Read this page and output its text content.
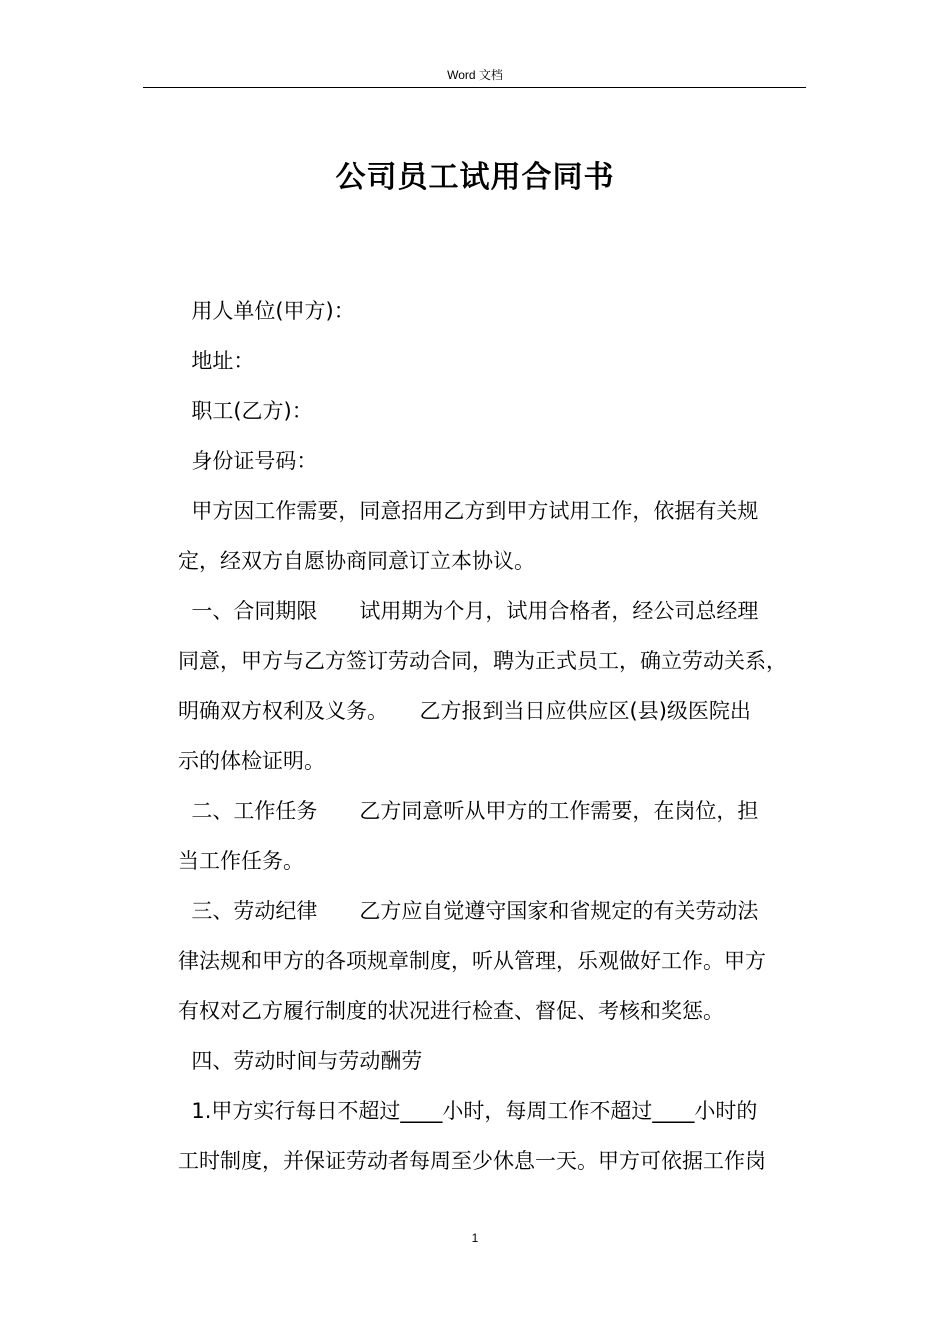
Word 文档
公司员工试用合同书
用人单位(甲方)：
地址：
职工(乙方)：
身份证号码：
甲方因工作需要，同意招用乙方到甲方试用工作，依据有关规
定，经双方自愿协商同意订立本协议。
一、合同期限　　试用期为个月，试用合格者，经公司总经理
同意，甲方与乙方签订劳动合同，聘为正式员工，确立劳动关系，
明确双方权利及义务。　　乙方报到当日应供应区(县)级医院出
示的体检证明。
二、工作任务　　乙方同意听从甲方的工作需要，在岗位，担
当工作任务。
三、劳动纪律　　乙方应自觉遵守国家和省规定的有关劳动法
律法规和甲方的各项规章制度，听从管理，乐观做好工作。甲方
有权对乙方履行制度的状况进行检查、督促、考核和奖惩。
四、劳动时间与劳动酬劳
1.甲方实行每日不超过____小时，每周工作不超过____小时的
工时制度，并保证劳动者每周至少休息一天。甲方可依据工作岗
1
